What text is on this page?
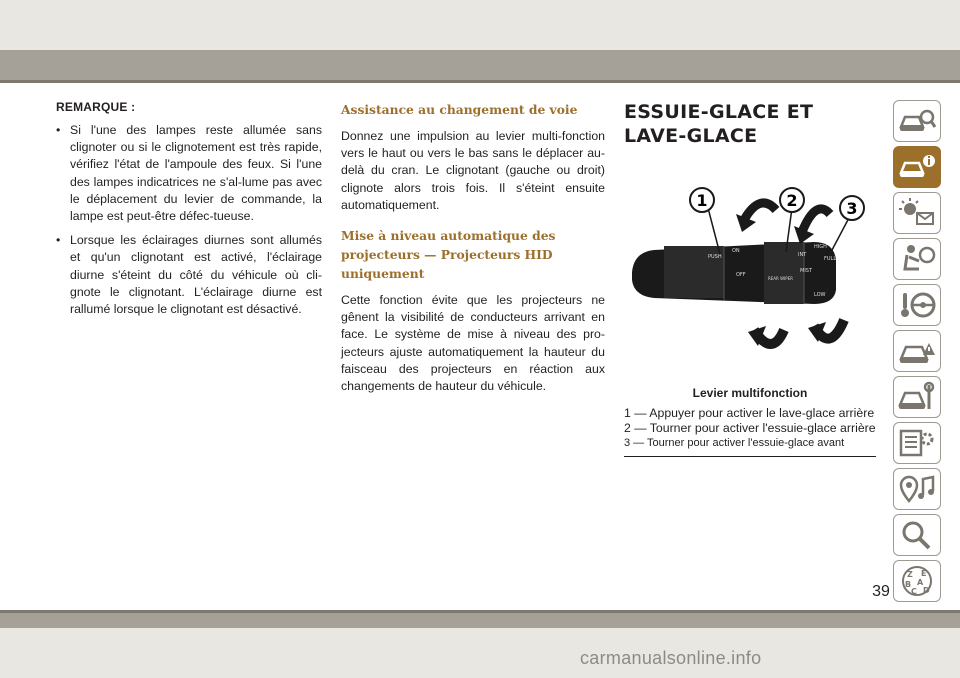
REMARQUE :
• Si l'une des lampes reste allumée sans clignoter ou si le clignotement est très rapide, vérifiez l'état de l'ampoule des feux. Si l'une des lampes indicatrices ne s'al-lume pas avec le déplacement du levier de commande, la lampe est peut-être défec-tueuse.
• Lorsque les éclairages diurnes sont allumés et qu'un clignotant est activé, l'éclairage diurne s'éteint du côté du véhicule où cli-gnote le clignotant. L'éclairage diurne est rallumé lorsque le clignotant est désactivé.
Assistance au changement de voie

Donnez une impulsion au levier multi-fonction vers le haut ou vers le bas sans le déplacer au-delà du cran. Le clignotant (gauche ou droit) clignote alors trois fois. Il s'éteint ensuite automatiquement.

Mise à niveau automatique des projecteurs — Projecteurs HID uniquement

Cette fonction évite que les projecteurs ne gênent la visibilité de conducteurs arrivant en face. Le système de mise à niveau des pro-jecteurs ajuste automatiquement la hauteur du faisceau des projecteurs en réaction aux changements de hauteur du véhicule.

ESSUIE-GLACE ET LAVE-GLACE
PUSH
OFF
ON
REAR WIPER
MIST
INT
LOW
HIGH
FULL
1	2	3
Levier multifonction
1 — Appuyer pour activer le lave-glace arrière
2 — Tourner pour activer l'essuie-glace arrière
3 — Tourner pour activer l'essuie-glace avant
Z E
B A
C D
39
carmanualsonline.info
